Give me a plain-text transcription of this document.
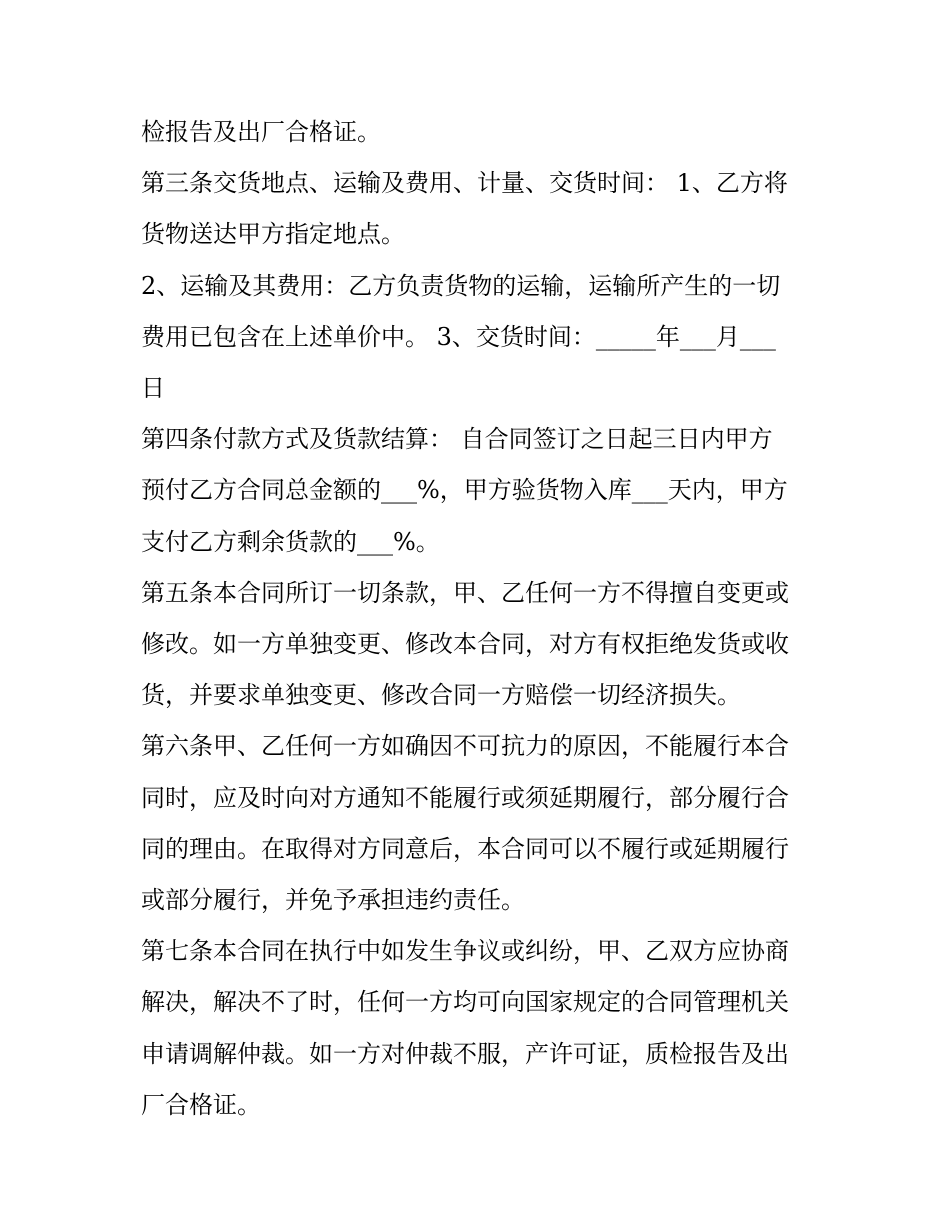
检报告及出厂合格证。

第三条交货地点、运输及费用、计量、交货时间： 1、乙方将

货物送达甲方指定地点。

2、运输及其费用：乙方负责货物的运输，运输所产生的一切

费用已包含在上述单价中。 3、交货时间：_____年___月___

日

第四条付款方式及货款结算： 自合同签订之日起三日内甲方

预付乙方合同总金额的___%，甲方验货物入库___天内，甲方

支付乙方剩余货款的___%。

第五条本合同所订一切条款，甲、乙任何一方不得擅自变更或

修改。如一方单独变更、修改本合同，对方有权拒绝发货或收

货，并要求单独变更、修改合同一方赔偿一切经济损失。

第六条甲、乙任何一方如确因不可抗力的原因，不能履行本合

同时，应及时向对方通知不能履行或须延期履行，部分履行合

同的理由。在取得对方同意后，本合同可以不履行或延期履行

或部分履行，并免予承担违约责任。

第七条本合同在执行中如发生争议或纠纷，甲、乙双方应协商

解决，解决不了时，任何一方均可向国家规定的合同管理机关

申请调解仲裁。如一方对仲裁不服，产许可证，质检报告及出

厂合格证。
